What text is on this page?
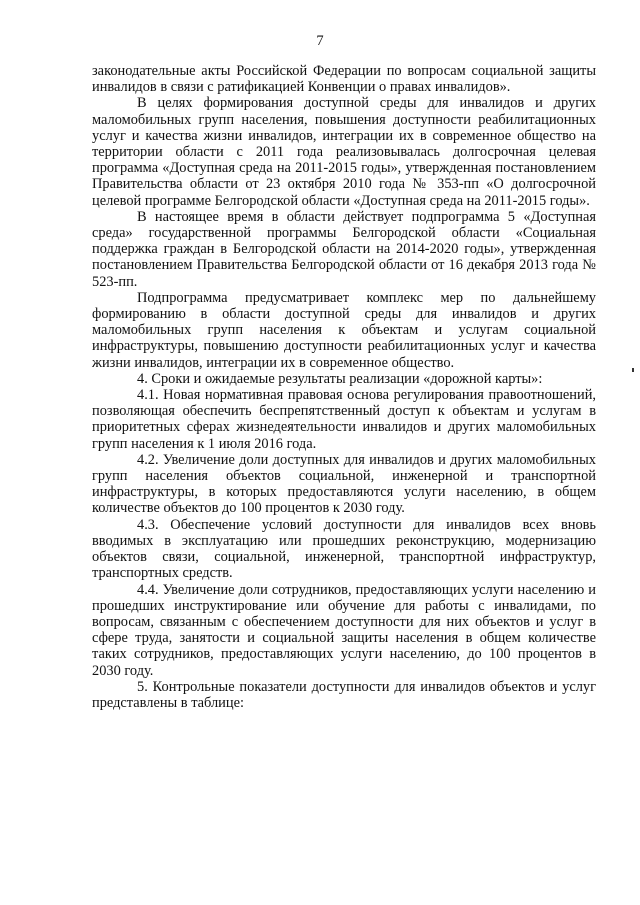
7

законодательные акты Российской Федерации по вопросам социальной защиты инвалидов в связи с ратификацией Конвенции о правах инвалидов».

В целях формирования доступной среды для инвалидов и других маломобильных групп населения, повышения доступности реабилитационных услуг и качества жизни инвалидов, интеграции их в современное общество на территории области с 2011 года реализовывалась долгосрочная целевая программа «Доступная среда на 2011-2015 годы», утвержденная постановлением Правительства области от 23 октября 2010 года № 353-пп «О долгосрочной целевой программе Белгородской области «Доступная среда на 2011-2015 годы».

В настоящее время в области действует подпрограмма 5 «Доступная среда» государственной программы Белгородской области «Социальная поддержка граждан в Белгородской области на 2014-2020 годы», утвержденная постановлением Правительства Белгородской области от 16 декабря 2013 года № 523-пп.

Подпрограмма предусматривает комплекс мер по дальнейшему формированию в области доступной среды для инвалидов и других маломобильных групп населения к объектам и услугам социальной инфраструктуры, повышению доступности реабилитационных услуг и качества жизни инвалидов, интеграции их в современное общество.

4. Сроки и ожидаемые результаты реализации «дорожной карты»:

4.1. Новая нормативная правовая основа регулирования правоотношений, позволяющая обеспечить беспрепятственный доступ к объектам и услугам в приоритетных сферах жизнедеятельности инвалидов и других маломобильных групп населения к 1 июля 2016 года.

4.2. Увеличение доли доступных для инвалидов и других маломобильных групп населения объектов социальной, инженерной и транспортной инфраструктуры, в которых предоставляются услуги населению, в общем количестве объектов до 100 процентов к 2030 году.

4.3. Обеспечение условий доступности для инвалидов всех вновь вводимых в эксплуатацию или прошедших реконструкцию, модернизацию объектов связи, социальной, инженерной, транспортной инфраструктур, транспортных средств.

4.4. Увеличение доли сотрудников, предоставляющих услуги населению и прошедших инструктирование или обучение для работы с инвалидами, по вопросам, связанным с обеспечением доступности для них объектов и услуг в сфере труда, занятости и социальной защиты населения в общем количестве таких сотрудников, предоставляющих услуги населению, до 100 процентов в 2030 году.

5. Контрольные показатели доступности для инвалидов объектов и услуг представлены в таблице:
